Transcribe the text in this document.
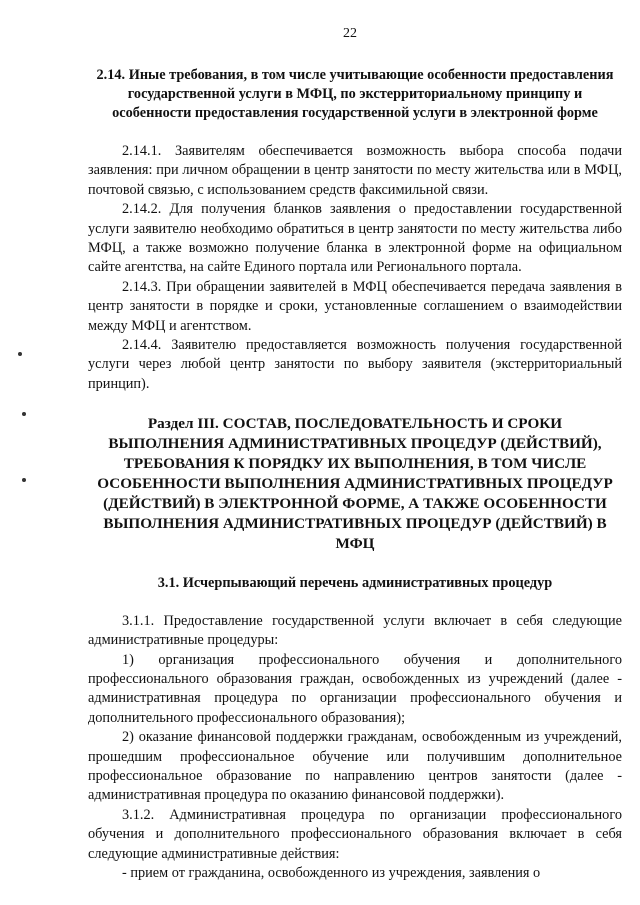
22
2.14. Иные требования, в том числе учитывающие особенности предоставления государственной услуги в МФЦ, по экстерриториальному принципу и особенности предоставления государственной услуги в электронной форме

2.14.1. Заявителям обеспечивается возможность выбора способа подачи заявления: при личном обращении в центр занятости по месту жительства или в МФЦ, почтовой связью, с использованием средств факсимильной связи.

2.14.2. Для получения бланков заявления о предоставлении государственной услуги заявителю необходимо обратиться в центр занятости по месту жительства либо МФЦ, а также возможно получение бланка в электронной форме на официальном сайте агентства, на сайте Единого портала или Регионального портала.

2.14.3. При обращении заявителей в МФЦ обеспечивается передача заявления в центр занятости в порядке и сроки, установленные соглашением о взаимодействии между МФЦ и агентством.

2.14.4. Заявителю предоставляется возможность получения государственной услуги через любой центр занятости по выбору заявителя (экстерриториальный принцип).

Раздел III. СОСТАВ, ПОСЛЕДОВАТЕЛЬНОСТЬ И СРОКИ ВЫПОЛНЕНИЯ АДМИНИСТРАТИВНЫХ ПРОЦЕДУР (ДЕЙСТВИЙ), ТРЕБОВАНИЯ К ПОРЯДКУ ИХ ВЫПОЛНЕНИЯ, В ТОМ ЧИСЛЕ ОСОБЕННОСТИ ВЫПОЛНЕНИЯ АДМИНИСТРАТИВНЫХ ПРОЦЕДУР (ДЕЙСТВИЙ) В ЭЛЕКТРОННОЙ ФОРМЕ, А ТАКЖЕ ОСОБЕННОСТИ ВЫПОЛНЕНИЯ АДМИНИСТРАТИВНЫХ ПРОЦЕДУР (ДЕЙСТВИЙ) В МФЦ
3.1. Исчерпывающий перечень административных процедур

3.1.1. Предоставление государственной услуги включает в себя следующие административные процедуры:

1) организация профессионального обучения и дополнительного профессионального образования граждан, освобожденных из учреждений (далее - административная процедура по организации профессионального обучения и дополнительного профессионального образования);

2) оказание финансовой поддержки гражданам, освобожденным из учреждений, прошедшим профессиональное обучение или получившим дополнительное профессиональное образование по направлению центров занятости (далее - административная процедура по оказанию финансовой поддержки).

3.1.2. Административная процедура по организации профессионального обучения и дополнительного профессионального образования включает в себя следующие административные действия:

- прием от гражданина, освобожденного из учреждения, заявления о
